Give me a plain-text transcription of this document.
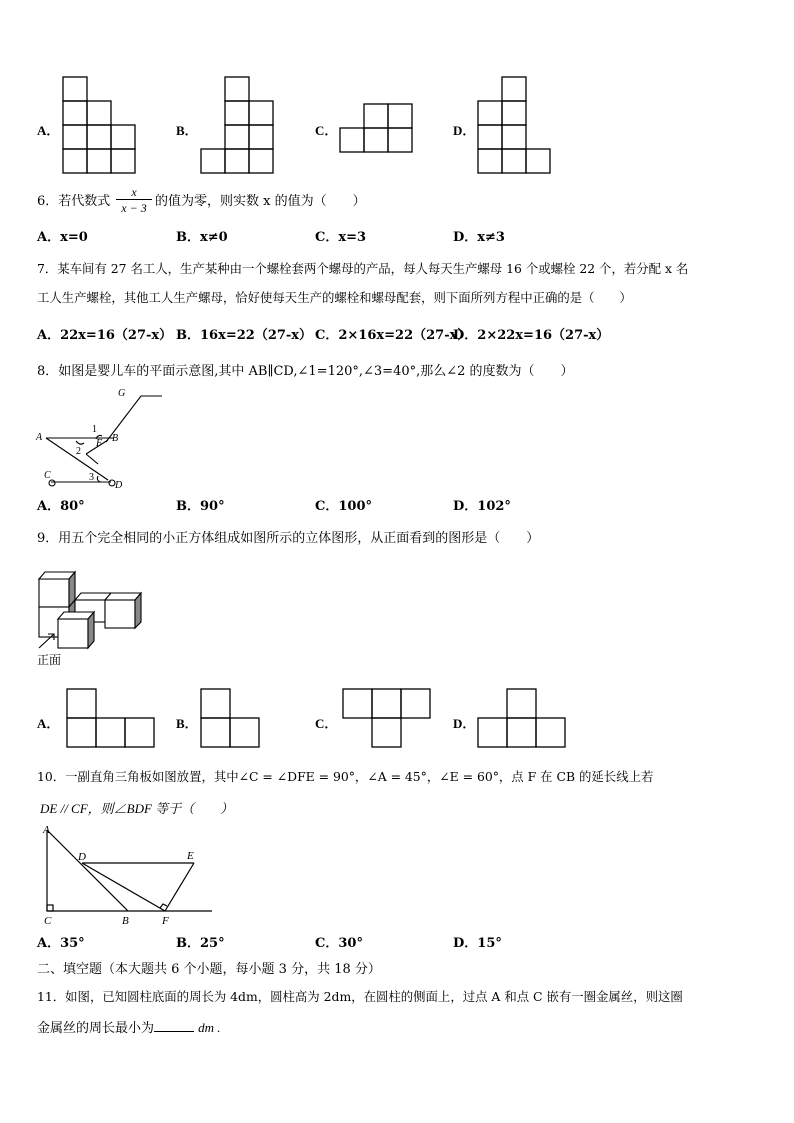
A．	B．	C．	D．
6．若代数式 $\frac{x}{x - 3}$ 的值为零，则实数 x 的值为（　　）
A．x=0	B．x≠0	C．x=3	D．x≠3
7．某车间有 27 名工人，生产某种由一个螺栓套两个螺母的产品，每人每天生产螺母 16 个或螺栓 22 个，若分配 x 名
工人生产螺栓，其他工人生产螺母，恰好使每天生产的螺栓和螺母配套，则下面所列方程中正确的是（　　）
A．22x=16（27-x） B．16x=22（27-x） C．2×16x=22（27-x）
D．2×22x=16（27-x）
8．如图是婴儿车的平面示意图,其中 AB∥CD,∠1=120°,∠3=40°,那么∠2 的度数为（　　）
G
A	B
F
C
D
1
2
3
A．80°	B．90°	C．100°	D．102°
9．用五个完全相同的小正方体组成如图所示的立体图形，从正面看到的图形是（　　）
正面
A．	B．	C．	D．
10．一副直角三角板如图放置，其中∠C = ∠DFE = 90°，∠A = 45°，∠E = 60°，点 F 在 CB 的延长线上若
DE // CF，则∠BDF 等于（　　）
A
D	E
C	B	F
A．35°	B．25°	C．30°	D．15°
二、填空题（本大题共 6 个小题，每小题 3 分，共 18 分）
11．如图，已知圆柱底面的周长为 4dm，圆柱高为 2dm，在圆柱的侧面上，过点 A 和点 C 嵌有一圈金属丝，则这圈
金属丝的周长最小为	dm .
